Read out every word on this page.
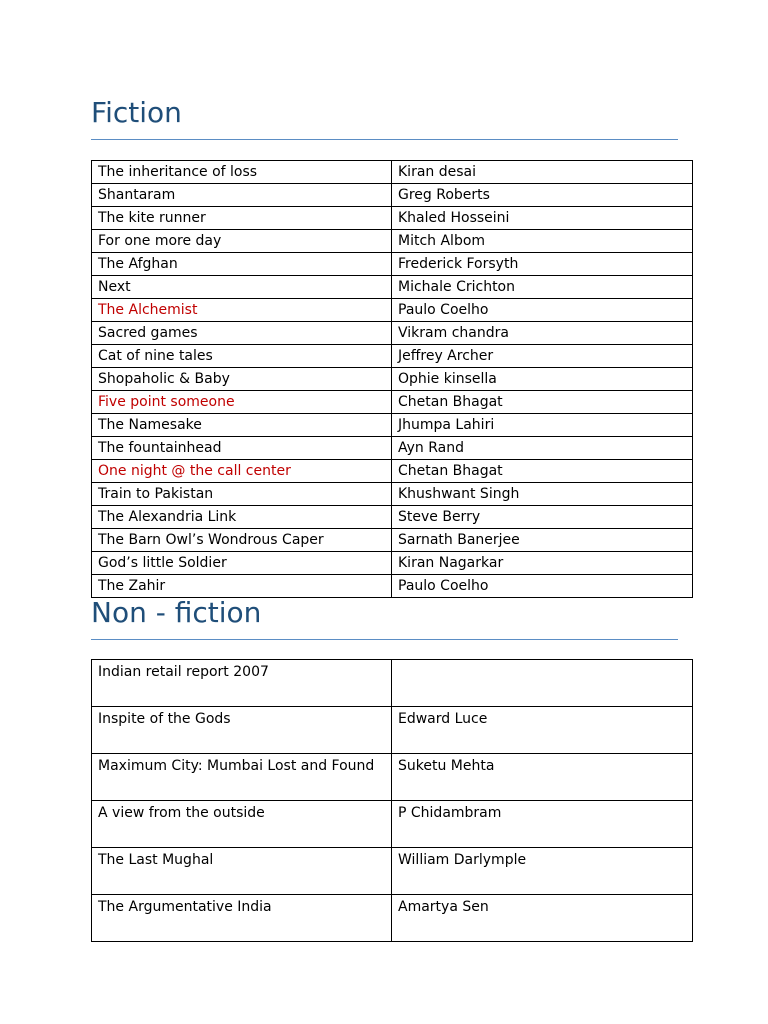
Fiction
The inheritance of loss	Kiran desai
Shantaram	Greg Roberts
The kite runner	Khaled Hosseini
For one more day	Mitch Albom
The Afghan	Frederick Forsyth
Next	Michale Crichton
The Alchemist	Paulo Coelho
Sacred games	Vikram chandra
Cat of nine tales	Jeffrey Archer
Shopaholic & Baby	Ophie kinsella
Five point someone	Chetan Bhagat
The Namesake	Jhumpa Lahiri
The fountainhead	Ayn Rand
One night @ the call center	Chetan Bhagat
Train to Pakistan	Khushwant Singh
The Alexandria Link	Steve Berry
The Barn Owl’s Wondrous Caper	Sarnath Banerjee
God’s little Soldier	Kiran Nagarkar
The Zahir	Paulo Coelho
Non - fiction
Indian retail report 2007	
Inspite of the Gods	Edward Luce
Maximum City: Mumbai Lost and Found	Suketu Mehta
A view from the outside	P Chidambram
The Last Mughal	William Darlymple
The Argumentative India	Amartya Sen
